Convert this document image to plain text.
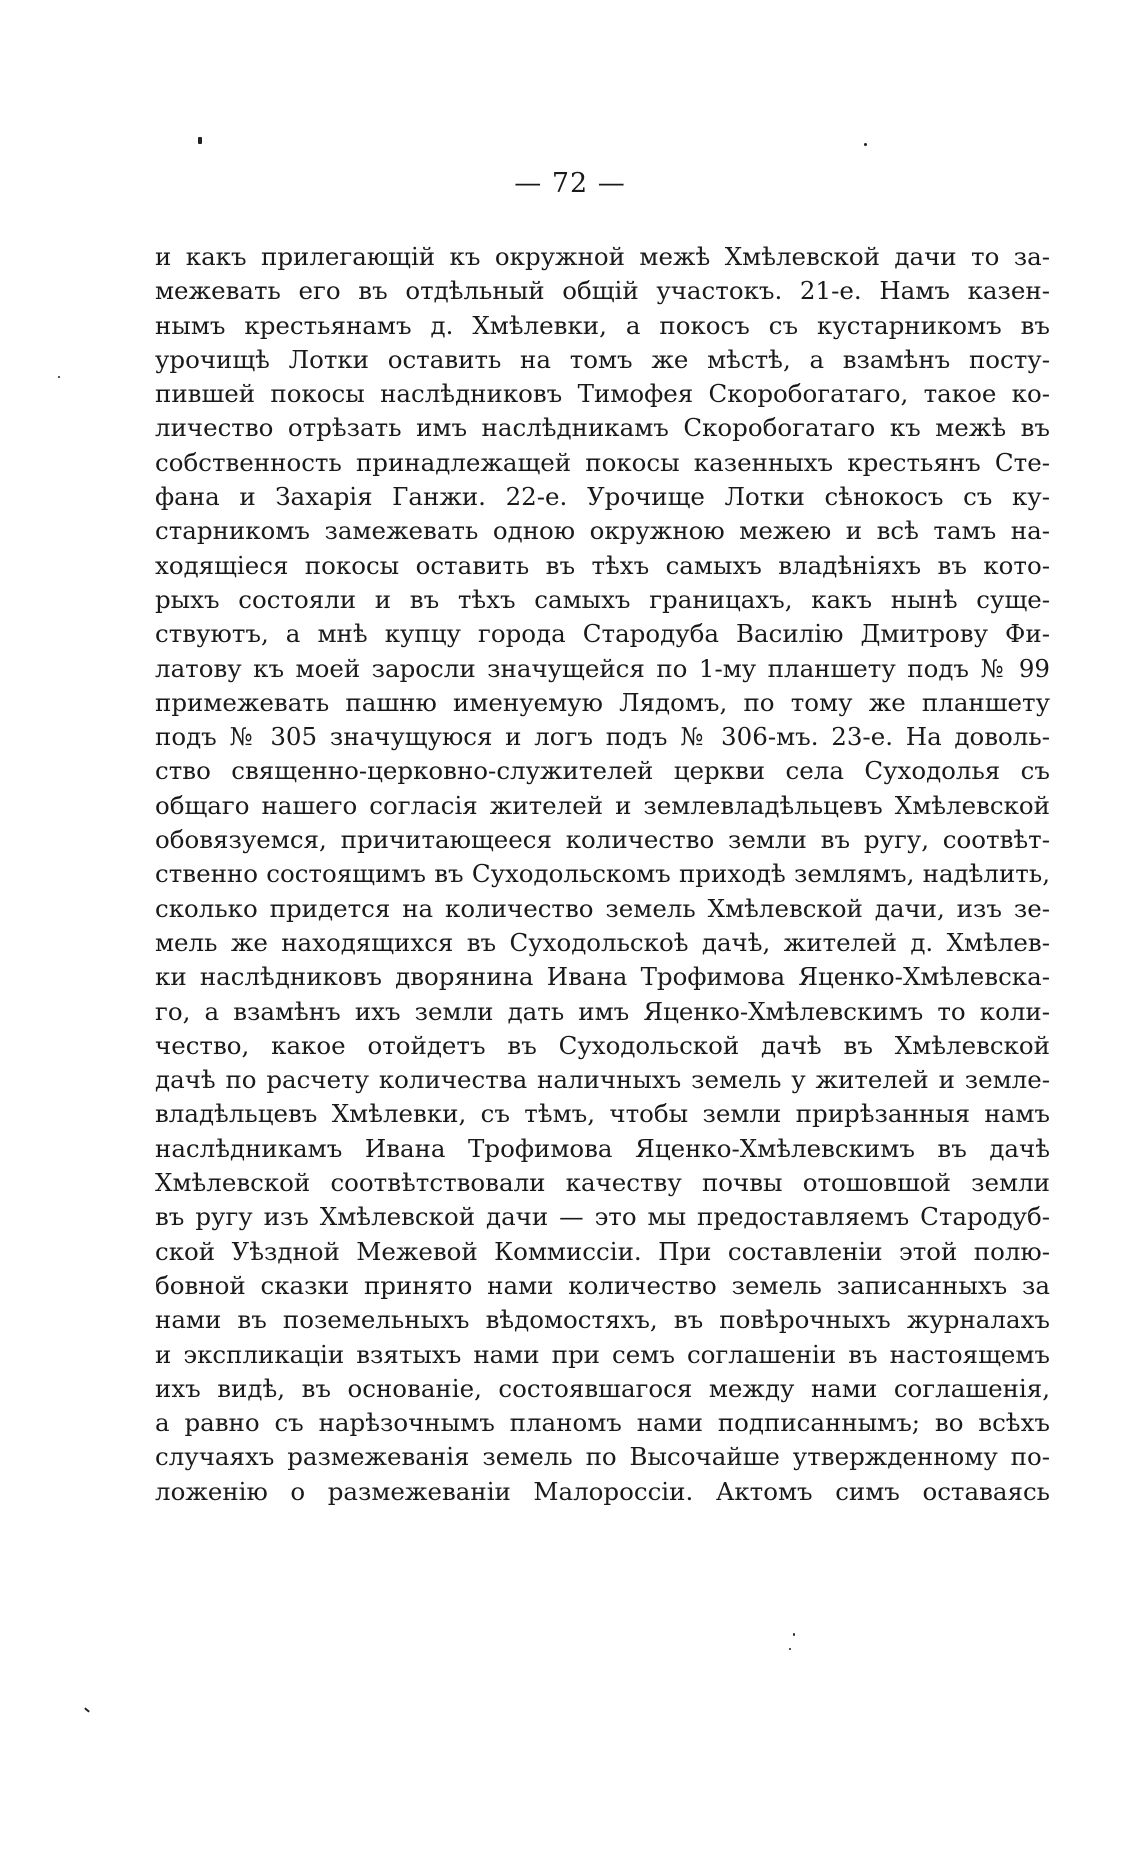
— 72 —
и какъ прилегающій къ окружной межѣ Хмѣлевской дачи то за-
межевать его въ отдѣльный общій участокъ. 21-е. Намъ казен-
нымъ крестьянамъ д. Хмѣлевки, а покосъ съ кустарникомъ въ
урочищѣ Лотки оставить на томъ же мѣстѣ, а взамѣнъ посту-
пившей покосы наслѣдниковъ Тимофея Скоробогатаго, такое ко-
личество отрѣзать имъ наслѣдникамъ Скоробогатаго къ межѣ въ
собственность принадлежащей покосы казенныхъ крестьянъ Сте-
фана и Захарія Ганжи. 22-е. Урочище Лотки сѣнокосъ съ ку-
старникомъ замежевать одною окружною межею и всѣ тамъ на-
ходящіеся покосы оставить въ тѣхъ самыхъ владѣніяхъ въ кото-
рыхъ состояли и въ тѣхъ самыхъ границахъ, какъ нынѣ суще-
ствуютъ, а мнѣ купцу города Стародуба Василію Дмитрову Фи-
латову къ моей заросли значущейся по 1-му планшету подъ № 99
примежевать пашню именуемую Лядомъ, по тому же планшету
подъ № 305 значущуюся и логъ подъ № 306-мъ. 23-е. На доволь-
ство священно-церковно-служителей церкви села Суходолья съ
общаго нашего согласія жителей и землевладѣльцевъ Хмѣлевской
обовязуемся, причитающееся количество земли въ ругу, соотвѣт-
ственно состоящимъ въ Суходольскомъ приходѣ землямъ, надѣлить,
сколько придется на количество земель Хмѣлевской дачи, изъ зе-
мель же находящихся въ Суходольскоѣ дачѣ, жителей д. Хмѣлев-
ки наслѣдниковъ дворянина Ивана Трофимова Яценко-Хмѣлевска-
го, а взамѣнъ ихъ земли дать имъ Яценко-Хмѣлевскимъ то коли-
чество, какое отойдетъ въ Суходольской дачѣ въ Хмѣлевской
дачѣ по расчету количества наличныхъ земель у жителей и земле-
владѣльцевъ Хмѣлевки, съ тѣмъ, чтобы земли прирѣзанныя намъ
наслѣдникамъ Ивана Трофимова Яценко-Хмѣлевскимъ въ дачѣ
Хмѣлевской соотвѣтствовали качеству почвы отошовшой земли
въ ругу изъ Хмѣлевской дачи — это мы предоставляемъ Стародуб-
ской Уѣздной Межевой Коммиссіи. При составленіи этой полю-
бовной сказки принято нами количество земель записанныхъ за
нами въ поземельныхъ вѣдомостяхъ, въ повѣрочныхъ журналахъ
и экспликаціи взятыхъ нами при семъ соглашеніи въ настоящемъ
ихъ видѣ, въ основаніе, состоявшагося между нами соглашенія,
а равно съ нарѣзочнымъ планомъ нами подписаннымъ; во всѣхъ
случаяхъ размежеванія земель по Высочайше утвержденному по-
ложенію о размежеваніи Малороссіи. Актомъ симъ оставаясь
